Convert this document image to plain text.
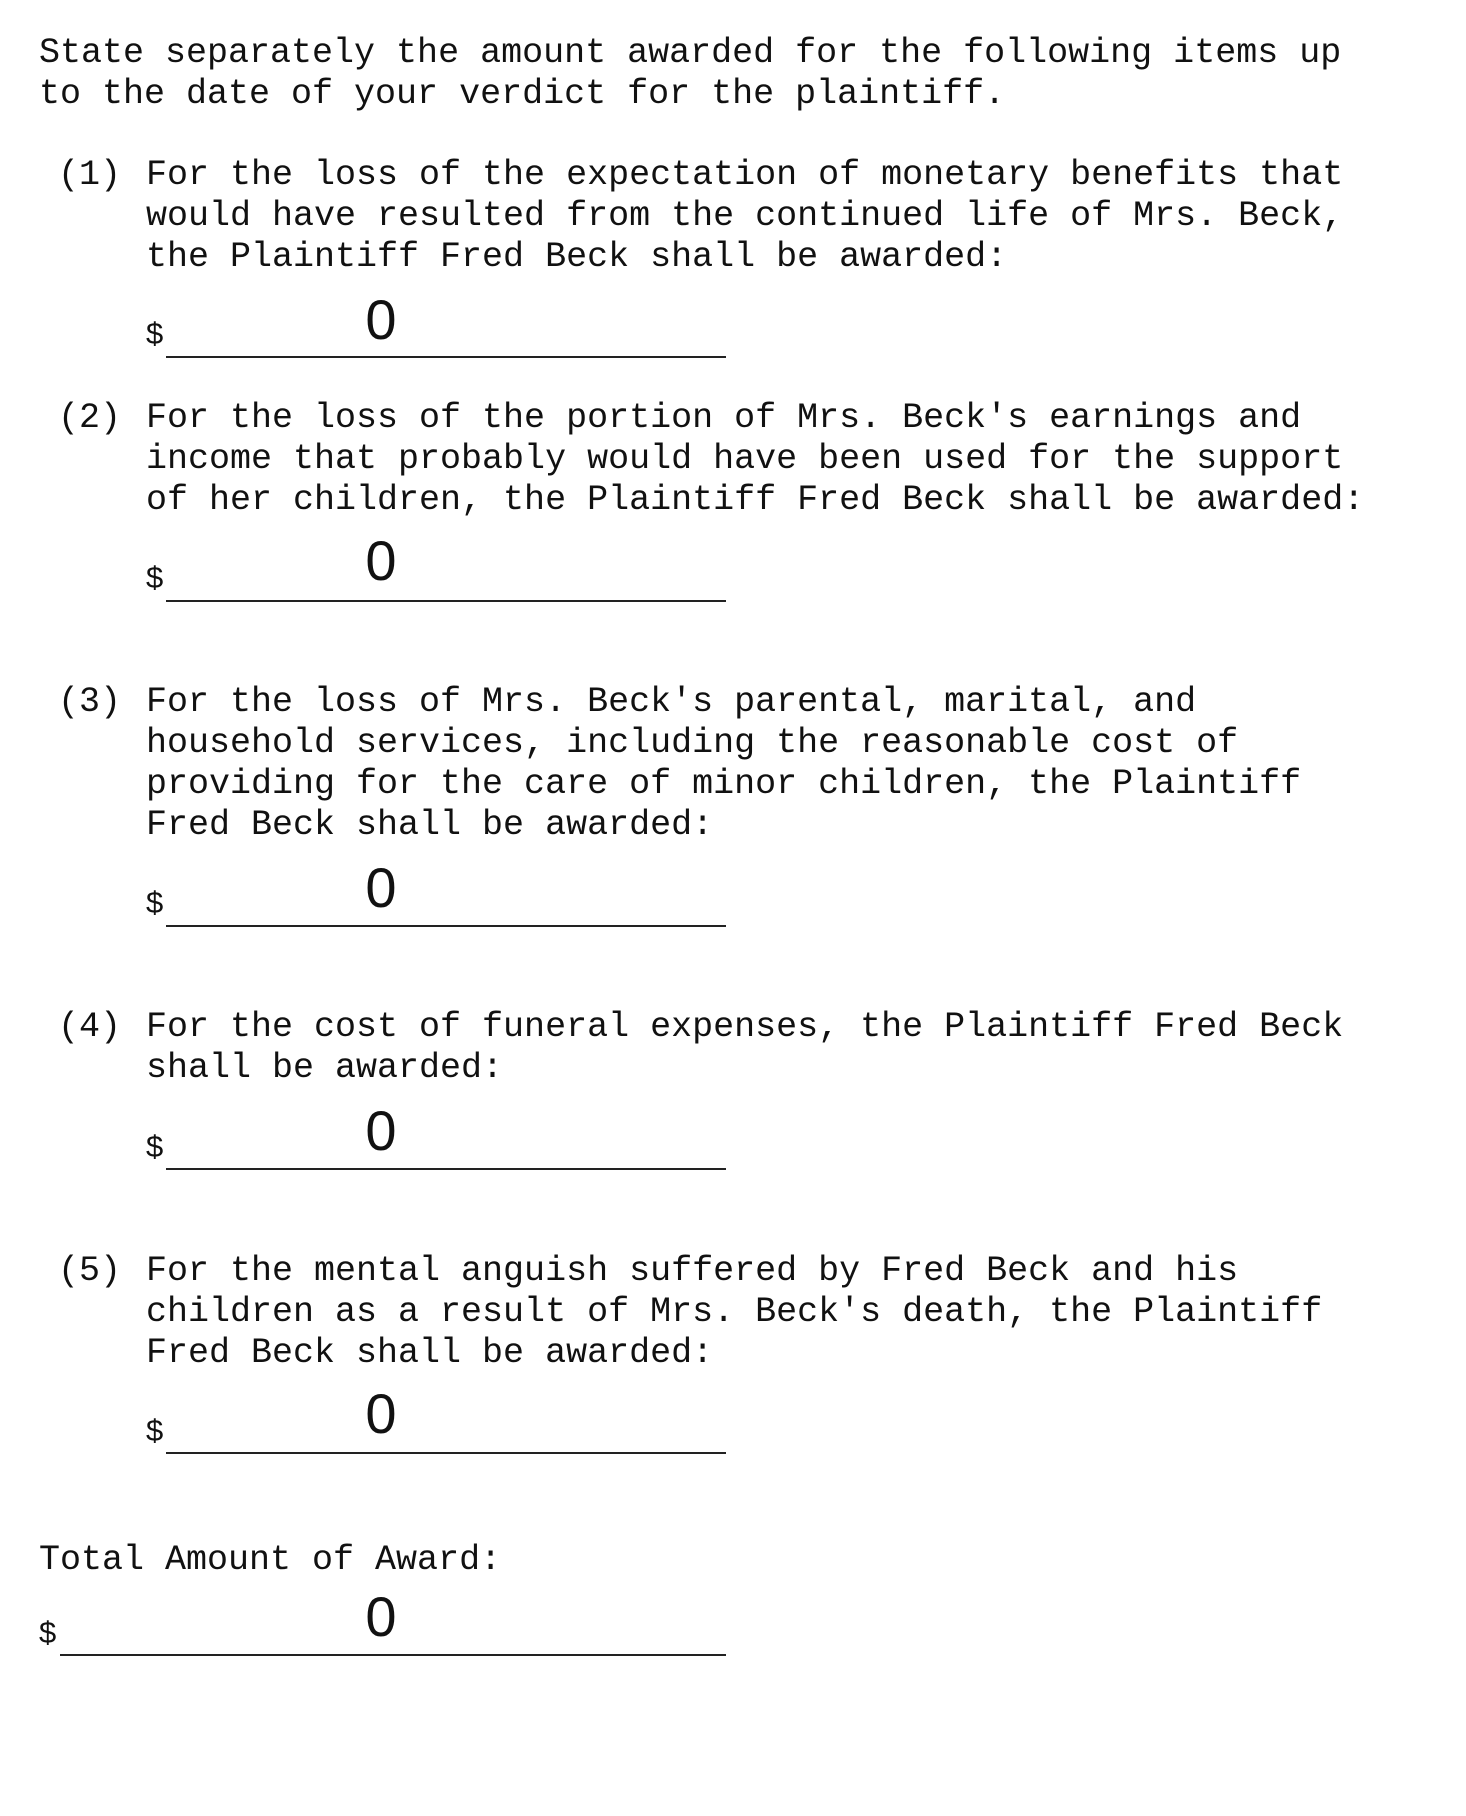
State separately the amount awarded for the following items up
to the date of your verdict for the plaintiff.
(1) For the loss of the expectation of monetary benefits that
would have resulted from the continued life of Mrs. Beck,
the Plaintiff Fred Beck shall be awarded:
$	0
(2) For the loss of the portion of Mrs. Beck's earnings and
income that probably would have been used for the support
of her children, the Plaintiff Fred Beck shall be awarded:
$	0
(3) For the loss of Mrs. Beck's parental, marital, and
household services, including the reasonable cost of
providing for the care of minor children, the Plaintiff
Fred Beck shall be awarded:
$	0
(4) For the cost of funeral expenses, the Plaintiff Fred Beck
shall be awarded:
$	0
(5) For the mental anguish suffered by Fred Beck and his
children as a result of Mrs. Beck's death, the Plaintiff
Fred Beck shall be awarded:
$	0
Total Amount of Award:
$	0
